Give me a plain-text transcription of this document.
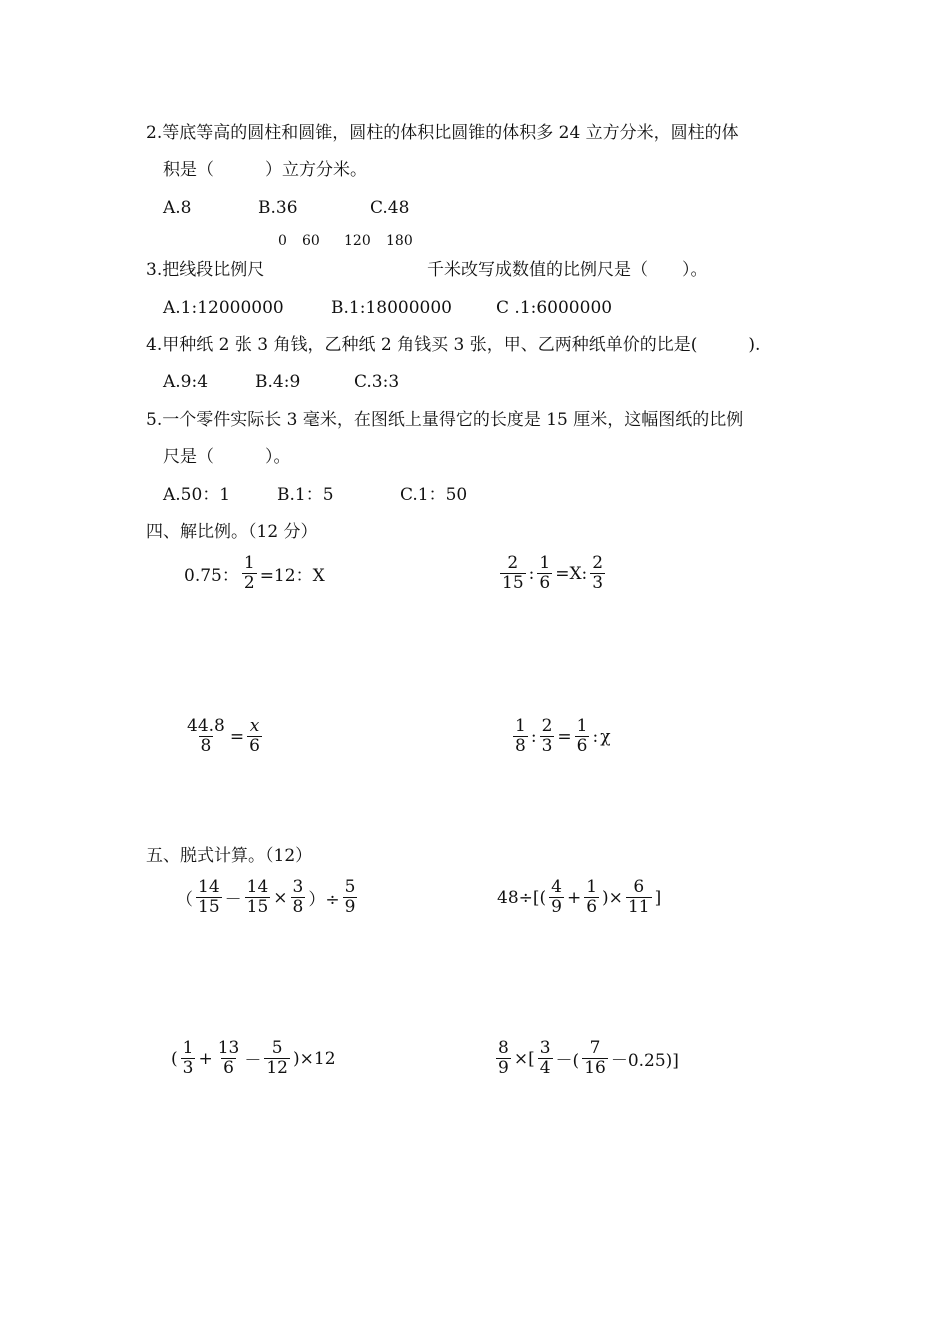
2.等底等高的圆柱和圆锥，圆柱的体积比圆锥的体积多 24 立方分米，圆柱的体
积是（　　　）立方分米。
A.8	B.36	C.48
0 60 120 180
3.把线段比例尺	千米改写成数值的比例尺是（　　）。
A.1:12000000	B.1:18000000	C .1:6000000
4.甲种纸 2 张 3 角钱，乙种纸 2 角钱买 3 张，甲、乙两种纸单价的比是(　　　).
A.9:4	B.4:9	C.3:3
5.一个零件实际长 3 毫米，在图纸上量得它的长度是 15 厘米，这幅图纸的比例
尺是（　　　）。
A.50：1	B.1：5	C.1：50
四、解比例。（12 分）
0.75： $\frac{1}{2} =12$：X
2
15 : $\frac{1}{6} =X$:
2
3
$\frac{44.8}{8} = \frac{x}{6}$	1
8 : $\frac{2}{3} = \frac{1}{6}$ : χ
五、脱式计算。（12）
（
14
$15 - \frac{14}{15} \times \frac{3}{8}$ ）÷ $\frac{5}{9}$	48÷[(
4
$9 + \frac{1}{6}$ )× $\frac{6}{11}$ ]
(
1
$3 + \frac{13}{6}$ －
5
12 )×12	$\frac{8}{9}$ ×[
3
4 －(
7
16 －0.25)]
